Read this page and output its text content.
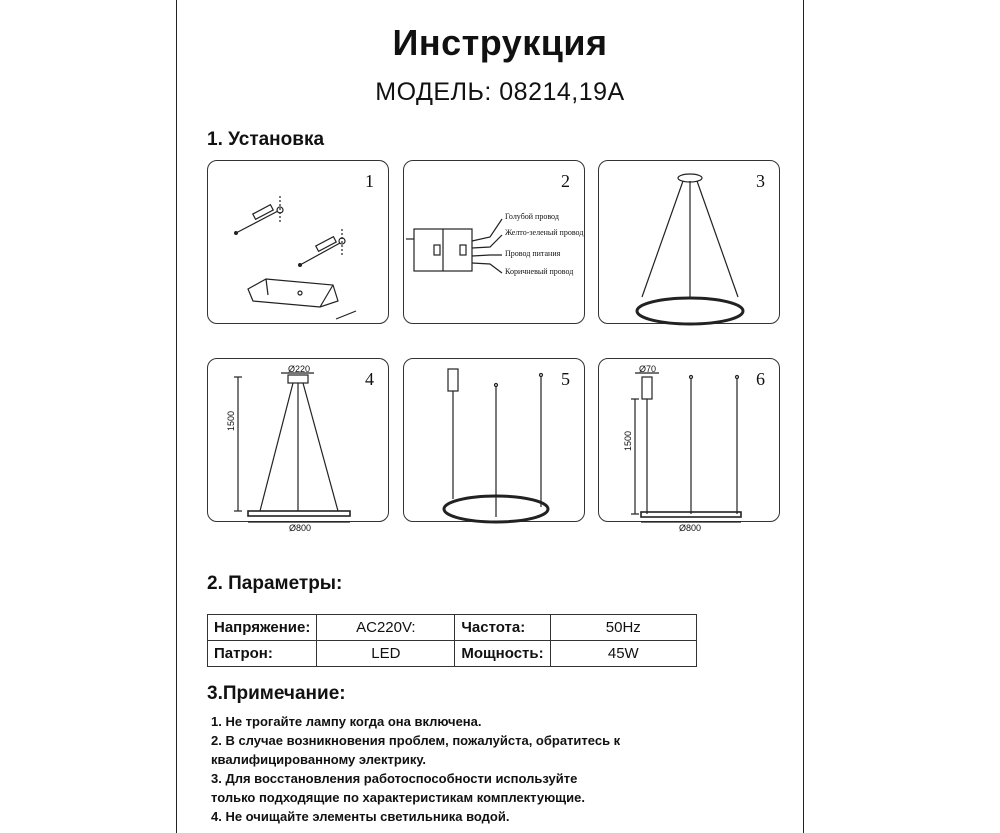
Инструкция
МОДЕЛЬ: 08214,19A
1. Установка
1	2
Голубой провод
Желто-зеленый провод
Провод питания
Коричневый провод
3
4
Ø220
1500
Ø800
5	6
Ø70
1500
Ø800
2. Параметры:
Напряжение:	AC220V:	Частота:	50Hz
Патрон:	LED	Мощность:	45W
3.Примечание:
1. Не трогайте лампу когда она включена.
2. В случае возникновения проблем, пожалуйста, обратитесь к
квалифицированному электрику.
3. Для восстановления работоспособности используйте
только подходящие по характеристикам комплектующие.
4. Не очищайте элементы светильника водой.
